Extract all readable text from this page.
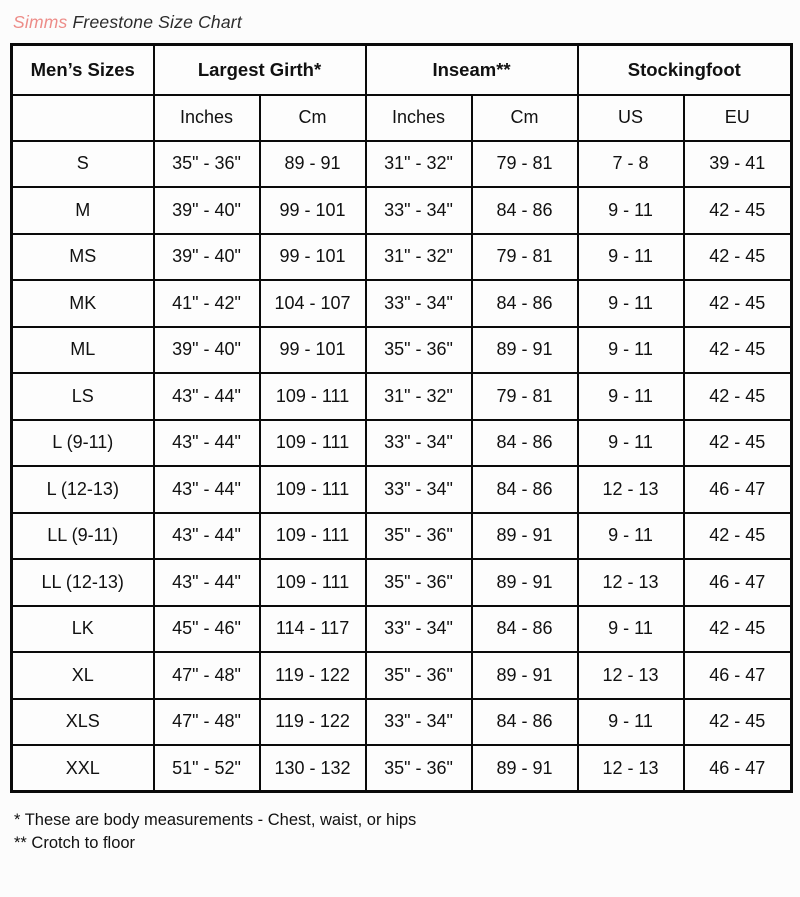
Simms Freestone Size Chart
Men’s Sizes	Largest Girth*		Inseam**		Stockingfoot	
	Inches	Cm	Inches	Cm	US	EU
S	35" - 36"	89 - 91	31" - 32"	79 - 81	7 - 8	39 - 41
M	39" - 40"	99 - 101	33" - 34"	84 - 86	9 - 11	42 - 45
MS	39" - 40"	99 - 101	31" - 32"	79 - 81	9 - 11	42 - 45
MK	41" - 42"	104 - 107	33" - 34"	84 - 86	9 - 11	42 - 45
ML	39" - 40"	99 - 101	35" - 36"	89 - 91	9 - 11	42 - 45
LS	43" - 44"	109 - 111	31" - 32"	79 - 81	9 - 11	42 - 45
L (9-11)	43" - 44"	109 - 111	33" - 34"	84 - 86	9 - 11	42 - 45
L (12-13)	43" - 44"	109 - 111	33" - 34"	84 - 86	12 - 13	46 - 47
LL (9-11)	43" - 44"	109 - 111	35" - 36"	89 - 91	9 - 11	42 - 45
LL (12-13)	43" - 44"	109 - 111	35" - 36"	89 - 91	12 - 13	46 - 47
LK	45" - 46"	114 - 117	33" - 34"	84 - 86	9 - 11	42 - 45
XL	47" - 48"	119 - 122	35" - 36"	89 - 91	12 - 13	46 - 47
XLS	47" - 48"	119 - 122	33" - 34"	84 - 86	9 - 11	42 - 45
XXL	51" - 52"	130 - 132	35" - 36"	89 - 91	12 - 13	46 - 47
* These are body measurements - Chest, waist, or hips
** Crotch to floor
